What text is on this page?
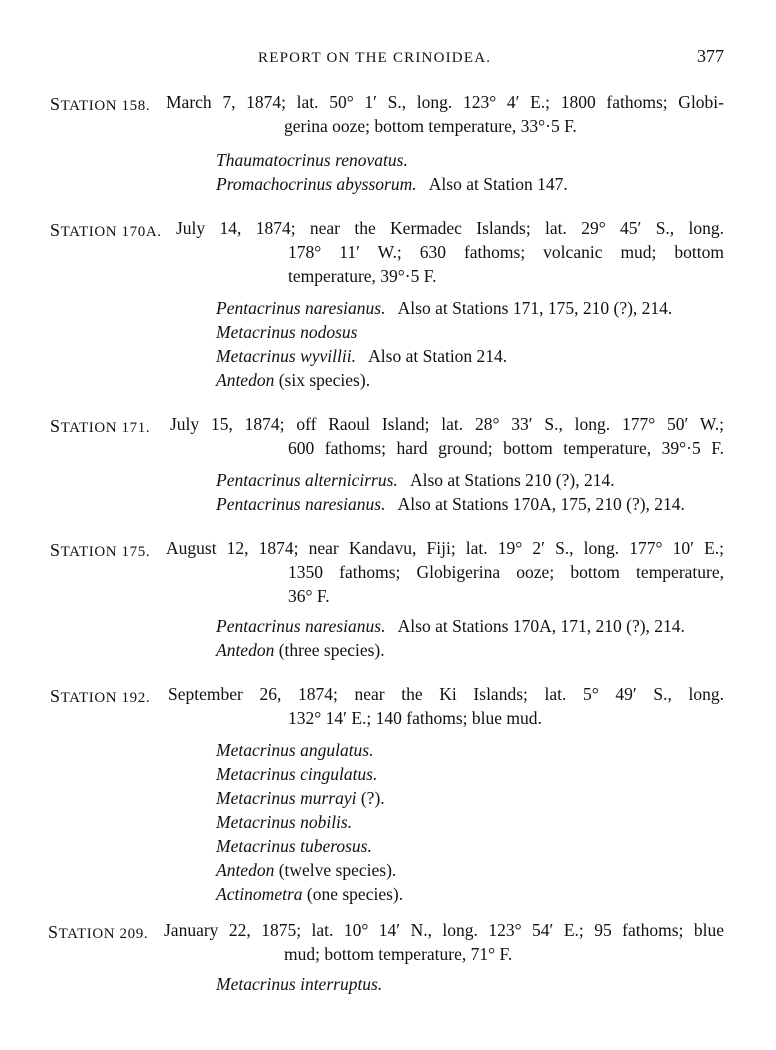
REPORT ON THE CRINOIDEA.	377
STATION 158. March 7, 1874; lat. 50° 1′ S., long. 123° 4′ E.; 1800 fathoms; Globi-
gerina ooze; bottom temperature, 33°·5 F.
Thaumatocrinus renovatus.
Promachocrinus abyssorum. Also at Station 147.
STATION 170A. July 14, 1874; near the Kermadec Islands; lat. 29° 45′ S., long.
178° 11′ W.; 630 fathoms; volcanic mud; bottom
temperature, 39°·5 F.
Pentacrinus naresianus. Also at Stations 171, 175, 210 (?), 214.
Metacrinus nodosus
Metacrinus wyvillii. Also at Station 214.
Antedon (six species).
STATION 171. July 15, 1874; off Raoul Island; lat. 28° 33′ S., long. 177° 50′ W.;
600 fathoms; hard ground; bottom temperature, 39°·5 F.
Pentacrinus alternicirrus. Also at Stations 210 (?), 214.
Pentacrinus naresianus. Also at Stations 170A, 175, 210 (?), 214.
STATION 175. August 12, 1874; near Kandavu, Fiji; lat. 19° 2′ S., long. 177° 10′ E.;
1350 fathoms; Globigerina ooze; bottom temperature,
36° F.
Pentacrinus naresianus. Also at Stations 170A, 171, 210 (?), 214.
Antedon (three species).
STATION 192. September 26, 1874; near the Ki Islands; lat. 5° 49′ S., long.
132° 14′ E.; 140 fathoms; blue mud.
Metacrinus angulatus.
Metacrinus cingulatus.
Metacrinus murrayi (?).
Metacrinus nobilis.
Metacrinus tuberosus.
Antedon (twelve species).
Actinometra (one species).
STATION 209. January 22, 1875; lat. 10° 14′ N., long. 123° 54′ E.; 95 fathoms; blue
mud; bottom temperature, 71° F.
Metacrinus interruptus.
